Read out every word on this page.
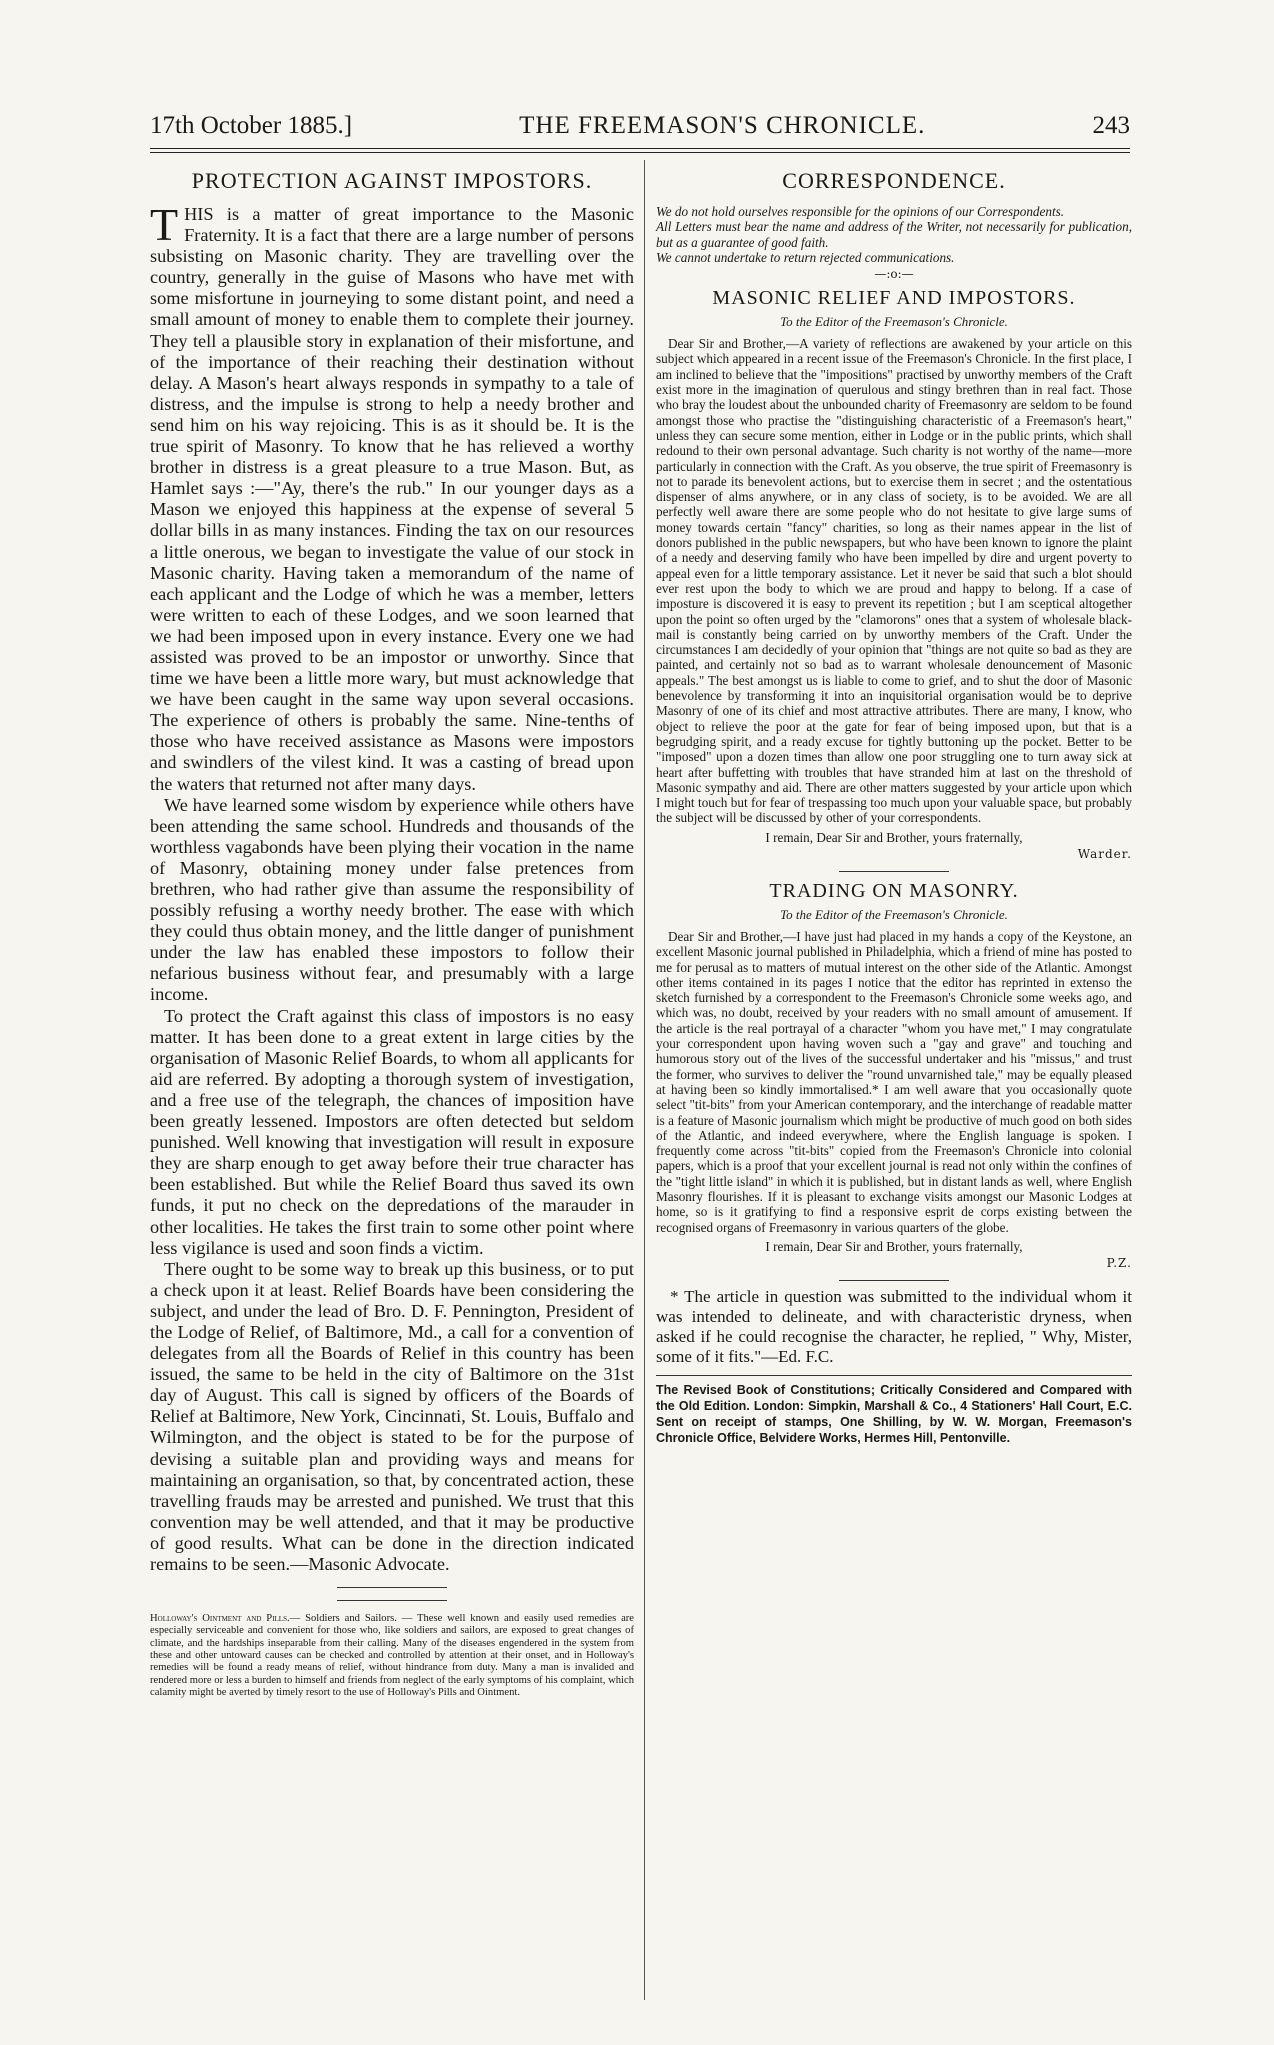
17th October 1885.]	THE FREEMASON'S CHRONICLE.	243
PROTECTION AGAINST IMPOSTORS.

THIS is a matter of great importance to the Masonic Fraternity. It is a fact that there are a large number of persons subsisting on Masonic charity. They are travelling over the country, generally in the guise of Masons who have met with some misfortune in journeying to some distant point, and need a small amount of money to enable them to complete their journey. They tell a plausible story in explanation of their misfortune, and of the importance of their reaching their destination without delay. A Mason's heart always responds in sympathy to a tale of distress, and the impulse is strong to help a needy brother and send him on his way rejoicing. This is as it should be. It is the true spirit of Masonry. To know that he has relieved a worthy brother in distress is a great pleasure to a true Mason. But, as Hamlet says :—"Ay, there's the rub." In our younger days as a Mason we enjoyed this happiness at the expense of several 5 dollar bills in as many instances. Finding the tax on our resources a little onerous, we began to investigate the value of our stock in Masonic charity. Having taken a memorandum of the name of each applicant and the Lodge of which he was a member, letters were written to each of these Lodges, and we soon learned that we had been imposed upon in every instance. Every one we had assisted was proved to be an impostor or unworthy. Since that time we have been a little more wary, but must acknowledge that we have been caught in the same way upon several occasions. The experience of others is probably the same. Nine-tenths of those who have received assistance as Masons were impostors and swindlers of the vilest kind. It was a casting of bread upon the waters that returned not after many days.

We have learned some wisdom by experience while others have been attending the same school. Hundreds and thousands of the worthless vagabonds have been plying their vocation in the name of Masonry, obtaining money under false pretences from brethren, who had rather give than assume the responsibility of possibly refusing a worthy needy brother. The ease with which they could thus obtain money, and the little danger of punishment under the law has enabled these impostors to follow their nefarious business without fear, and presumably with a large income.

To protect the Craft against this class of impostors is no easy matter. It has been done to a great extent in large cities by the organisation of Masonic Relief Boards, to whom all applicants for aid are referred. By adopting a thorough system of investigation, and a free use of the telegraph, the chances of imposition have been greatly lessened. Impostors are often detected but seldom punished. Well knowing that investigation will result in exposure they are sharp enough to get away before their true character has been established. But while the Relief Board thus saved its own funds, it put no check on the depredations of the marauder in other localities. He takes the first train to some other point where less vigilance is used and soon finds a victim.

There ought to be some way to break up this business, or to put a check upon it at least. Relief Boards have been considering the subject, and under the lead of Bro. D. F. Pennington, President of the Lodge of Relief, of Baltimore, Md., a call for a convention of delegates from all the Boards of Relief in this country has been issued, the same to be held in the city of Baltimore on the 31st day of August. This call is signed by officers of the Boards of Relief at Baltimore, New York, Cincinnati, St. Louis, Buffalo and Wilmington, and the object is stated to be for the purpose of devising a suitable plan and providing ways and means for maintaining an organisation, so that, by concentrated action, these travelling frauds may be arrested and punished. We trust that this convention may be well attended, and that it may be productive of good results. What can be done in the direction indicated remains to be seen.—Masonic Advocate.

Holloway's Ointment and Pills.— Soldiers and Sailors. — These well known and easily used remedies are especially serviceable and convenient for those who, like soldiers and sailors, are exposed to great changes of climate, and the hardships inseparable from their calling. Many of the diseases engendered in the system from these and other untoward causes can be checked and controlled by attention at their onset, and in Holloway's remedies will be found a ready means of relief, without hindrance from duty. Many a man is invalided and rendered more or less a burden to himself and friends from neglect of the early symptoms of his complaint, which calamity might be averted by timely resort to the use of Holloway's Pills and Ointment.

CORRESPONDENCE.

We do not hold ourselves responsible for the opinions of our Correspondents.

All Letters must bear the name and address of the Writer, not necessarily for publication, but as a guarantee of good faith.

We cannot undertake to return rejected communications.

—:o:—
MASONIC RELIEF AND IMPOSTORS.
To the Editor of the Freemason's Chronicle.

Dear Sir and Brother,—A variety of reflections are awakened by your article on this subject which appeared in a recent issue of the Freemason's Chronicle. In the first place, I am inclined to believe that the "impositions" practised by unworthy members of the Craft exist more in the imagination of querulous and stingy brethren than in real fact. Those who bray the loudest about the unbounded charity of Freemasonry are seldom to be found amongst those who practise the "distinguishing characteristic of a Freemason's heart," unless they can secure some mention, either in Lodge or in the public prints, which shall redound to their own personal advantage. Such charity is not worthy of the name—more particularly in connection with the Craft. As you observe, the true spirit of Freemasonry is not to parade its benevolent actions, but to exercise them in secret ; and the ostentatious dispenser of alms anywhere, or in any class of society, is to be avoided. We are all perfectly well aware there are some people who do not hesitate to give large sums of money towards certain "fancy" charities, so long as their names appear in the list of donors published in the public newspapers, but who have been known to ignore the plaint of a needy and deserving family who have been impelled by dire and urgent poverty to appeal even for a little temporary assistance. Let it never be said that such a blot should ever rest upon the body to which we are proud and happy to belong. If a case of imposture is discovered it is easy to prevent its repetition ; but I am sceptical altogether upon the point so often urged by the "clamorons" ones that a system of wholesale black-mail is constantly being carried on by unworthy members of the Craft. Under the circumstances I am decidedly of your opinion that "things are not quite so bad as they are painted, and certainly not so bad as to warrant wholesale denouncement of Masonic appeals." The best amongst us is liable to come to grief, and to shut the door of Masonic benevolence by transforming it into an inquisitorial organisation would be to deprive Masonry of one of its chief and most attractive attributes. There are many, I know, who object to relieve the poor at the gate for fear of being imposed upon, but that is a begrudging spirit, and a ready excuse for tightly buttoning up the pocket. Better to be "imposed" upon a dozen times than allow one poor struggling one to turn away sick at heart after buffetting with troubles that have stranded him at last on the threshold of Masonic sympathy and aid. There are other matters suggested by your article upon which I might touch but for fear of trespassing too much upon your valuable space, but probably the subject will be discussed by other of your correspondents.

I remain, Dear Sir and Brother, yours fraternally,

Warder.
TRADING ON MASONRY.
To the Editor of the Freemason's Chronicle.

Dear Sir and Brother,—I have just had placed in my hands a copy of the Keystone, an excellent Masonic journal published in Philadelphia, which a friend of mine has posted to me for perusal as to matters of mutual interest on the other side of the Atlantic. Amongst other items contained in its pages I notice that the editor has reprinted in extenso the sketch furnished by a correspondent to the Freemason's Chronicle some weeks ago, and which was, no doubt, received by your readers with no small amount of amusement. If the article is the real portrayal of a character "whom you have met," I may congratulate your correspondent upon having woven such a "gay and grave" and touching and humorous story out of the lives of the successful undertaker and his "missus," and trust the former, who survives to deliver the "round unvarnished tale," may be equally pleased at having been so kindly immortalised.* I am well aware that you occasionally quote select "tit-bits" from your American contemporary, and the interchange of readable matter is a feature of Masonic journalism which might be productive of much good on both sides of the Atlantic, and indeed everywhere, where the English language is spoken. I frequently come across "tit-bits" copied from the Freemason's Chronicle into colonial papers, which is a proof that your excellent journal is read not only within the confines of the "tight little island" in which it is published, but in distant lands as well, where English Masonry flourishes. If it is pleasant to exchange visits amongst our Masonic Lodges at home, so is it gratifying to find a responsive esprit de corps existing between the recognised organs of Freemasonry in various quarters of the globe.

I remain, Dear Sir and Brother, yours fraternally,

P.Z.

* The article in question was submitted to the individual whom it was intended to delineate, and with characteristic dryness, when asked if he could recognise the character, he replied, " Why, Mister, some of it fits."—Ed. F.C.

The Revised Book of Constitutions; Critically Considered and Compared with the Old Edition. London: Simpkin, Marshall & Co., 4 Stationers' Hall Court, E.C. Sent on receipt of stamps, One Shilling, by W. W. Morgan, Freemason's Chronicle Office, Belvidere Works, Hermes Hill, Pentonville.
